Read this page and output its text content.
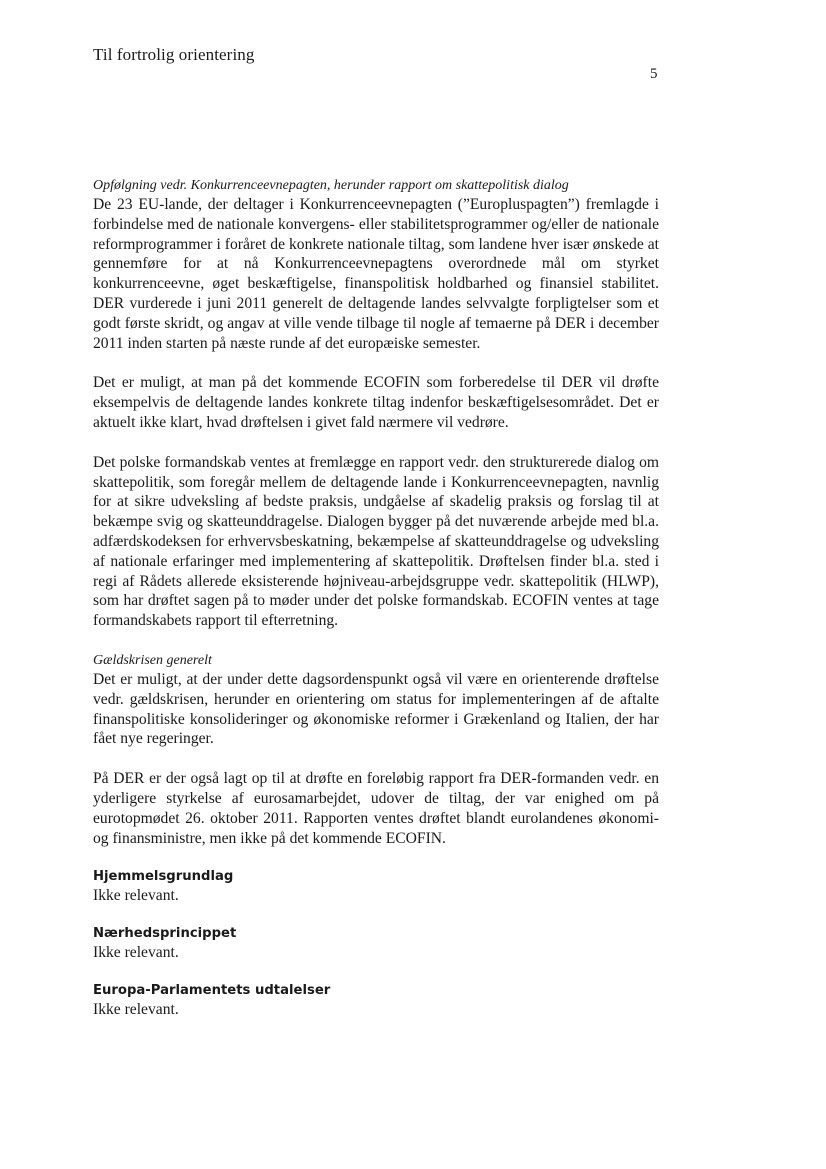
Til fortrolig orientering
5

Opfølgning vedr. Konkurrenceevnepagten, herunder rapport om skattepolitisk dialog

De 23 EU-lande, der deltager i Konkurrenceevnepagten (”Europluspagten”) fremlagde i forbindelse med de nationale konvergens- eller stabilitetsprogrammer og/eller de nationale reformprogrammer i foråret de konkrete nationale tiltag, som landene hver især ønskede at gennemføre for at nå Konkurrenceevnepagtens overordnede mål om styrket konkurrenceevne, øget beskæftigelse, finanspolitisk holdbarhed og finansiel stabilitet. DER vurderede i juni 2011 generelt de deltagende landes selvvalgte forpligtelser som et godt første skridt, og angav at ville vende tilbage til nogle af temaerne på DER i december 2011 inden starten på næste runde af det europæiske semester.

Det er muligt, at man på det kommende ECOFIN som forberedelse til DER vil drøfte eksempelvis de deltagende landes konkrete tiltag indenfor beskæftigelsesområdet. Det er aktuelt ikke klart, hvad drøftelsen i givet fald nærmere vil vedrøre.

Det polske formandskab ventes at fremlægge en rapport vedr. den strukturerede dialog om skattepolitik, som foregår mellem de deltagende lande i Konkurrenceevnepagten, navnlig for at sikre udveksling af bedste praksis, undgåelse af skadelig praksis og forslag til at bekæmpe svig og skatteunddragelse. Dialogen bygger på det nuværende arbejde med bl.a. adfærdskodeksen for erhvervsbeskatning, bekæmpelse af skatteunddragelse og udveksling af nationale erfaringer med implementering af skattepolitik. Drøftelsen finder bl.a. sted i regi af Rådets allerede eksisterende højniveau-arbejdsgruppe vedr. skattepolitik (HLWP), som har drøftet sagen på to møder under det polske formandskab. ECOFIN ventes at tage formandskabets rapport til efterretning.

Gældskrisen generelt

Det er muligt, at der under dette dagsordenspunkt også vil være en orienterende drøftelse vedr. gældskrisen, herunder en orientering om status for implementeringen af de aftalte finanspolitiske konsolideringer og økonomiske reformer i Grækenland og Italien, der har fået nye regeringer.

På DER er der også lagt op til at drøfte en foreløbig rapport fra DER-formanden vedr. en yderligere styrkelse af eurosamarbejdet, udover de tiltag, der var enighed om på eurotopmødet 26. oktober 2011. Rapporten ventes drøftet blandt eurolandenes økonomi- og finansministre, men ikke på det kommende ECOFIN.

Hjemmelsgrundlag

Ikke relevant.

Nærhedsprincippet

Ikke relevant.

Europa-Parlamentets udtalelser

Ikke relevant.
